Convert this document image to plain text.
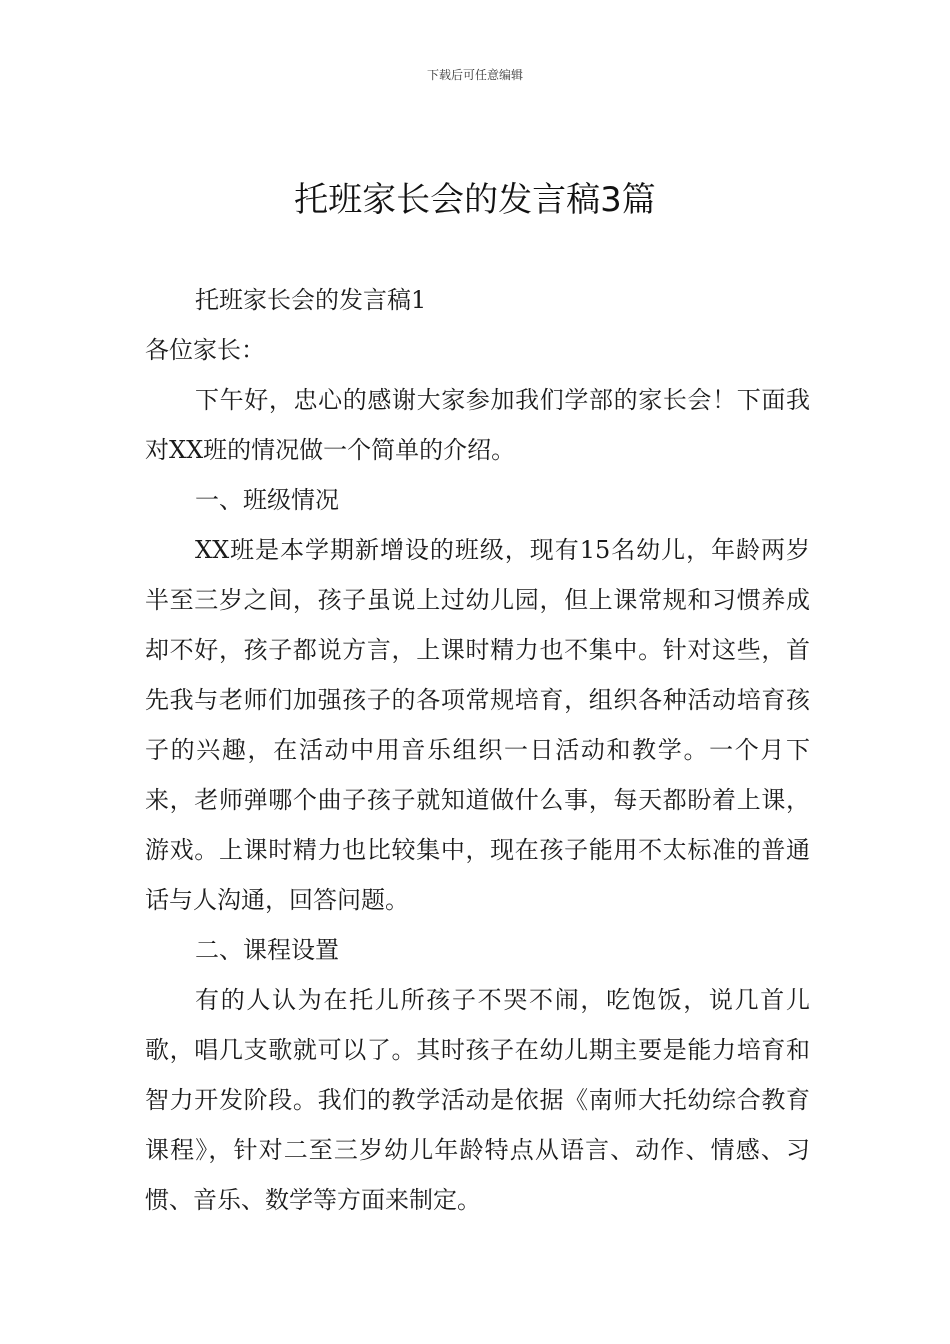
下载后可任意编辑
托班家长会的发言稿3篇

托班家长会的发言稿1

各位家长：

下午好，忠心的感谢大家参加我们学部的家长会！下面我对XX班的情况做一个简单的介绍。

一、班级情况

XX班是本学期新增设的班级，现有15名幼儿，年龄两岁半至三岁之间，孩子虽说上过幼儿园，但上课常规和习惯养成却不好，孩子都说方言，上课时精力也不集中。针对这些，首先我与老师们加强孩子的各项常规培育，组织各种活动培育孩子的兴趣，在活动中用音乐组织一日活动和教学。一个月下来，老师弹哪个曲子孩子就知道做什么事，每天都盼着上课，游戏。上课时精力也比较集中，现在孩子能用不太标准的普通话与人沟通，回答问题。

二、课程设置

有的人认为在托儿所孩子不哭不闹，吃饱饭，说几首儿歌，唱几支歌就可以了。其时孩子在幼儿期主要是能力培育和智力开发阶段。我们的教学活动是依据《南师大托幼综合教育课程》，针对二至三岁幼儿年龄特点从语言、动作、情感、习惯、音乐、数学等方面来制定。
